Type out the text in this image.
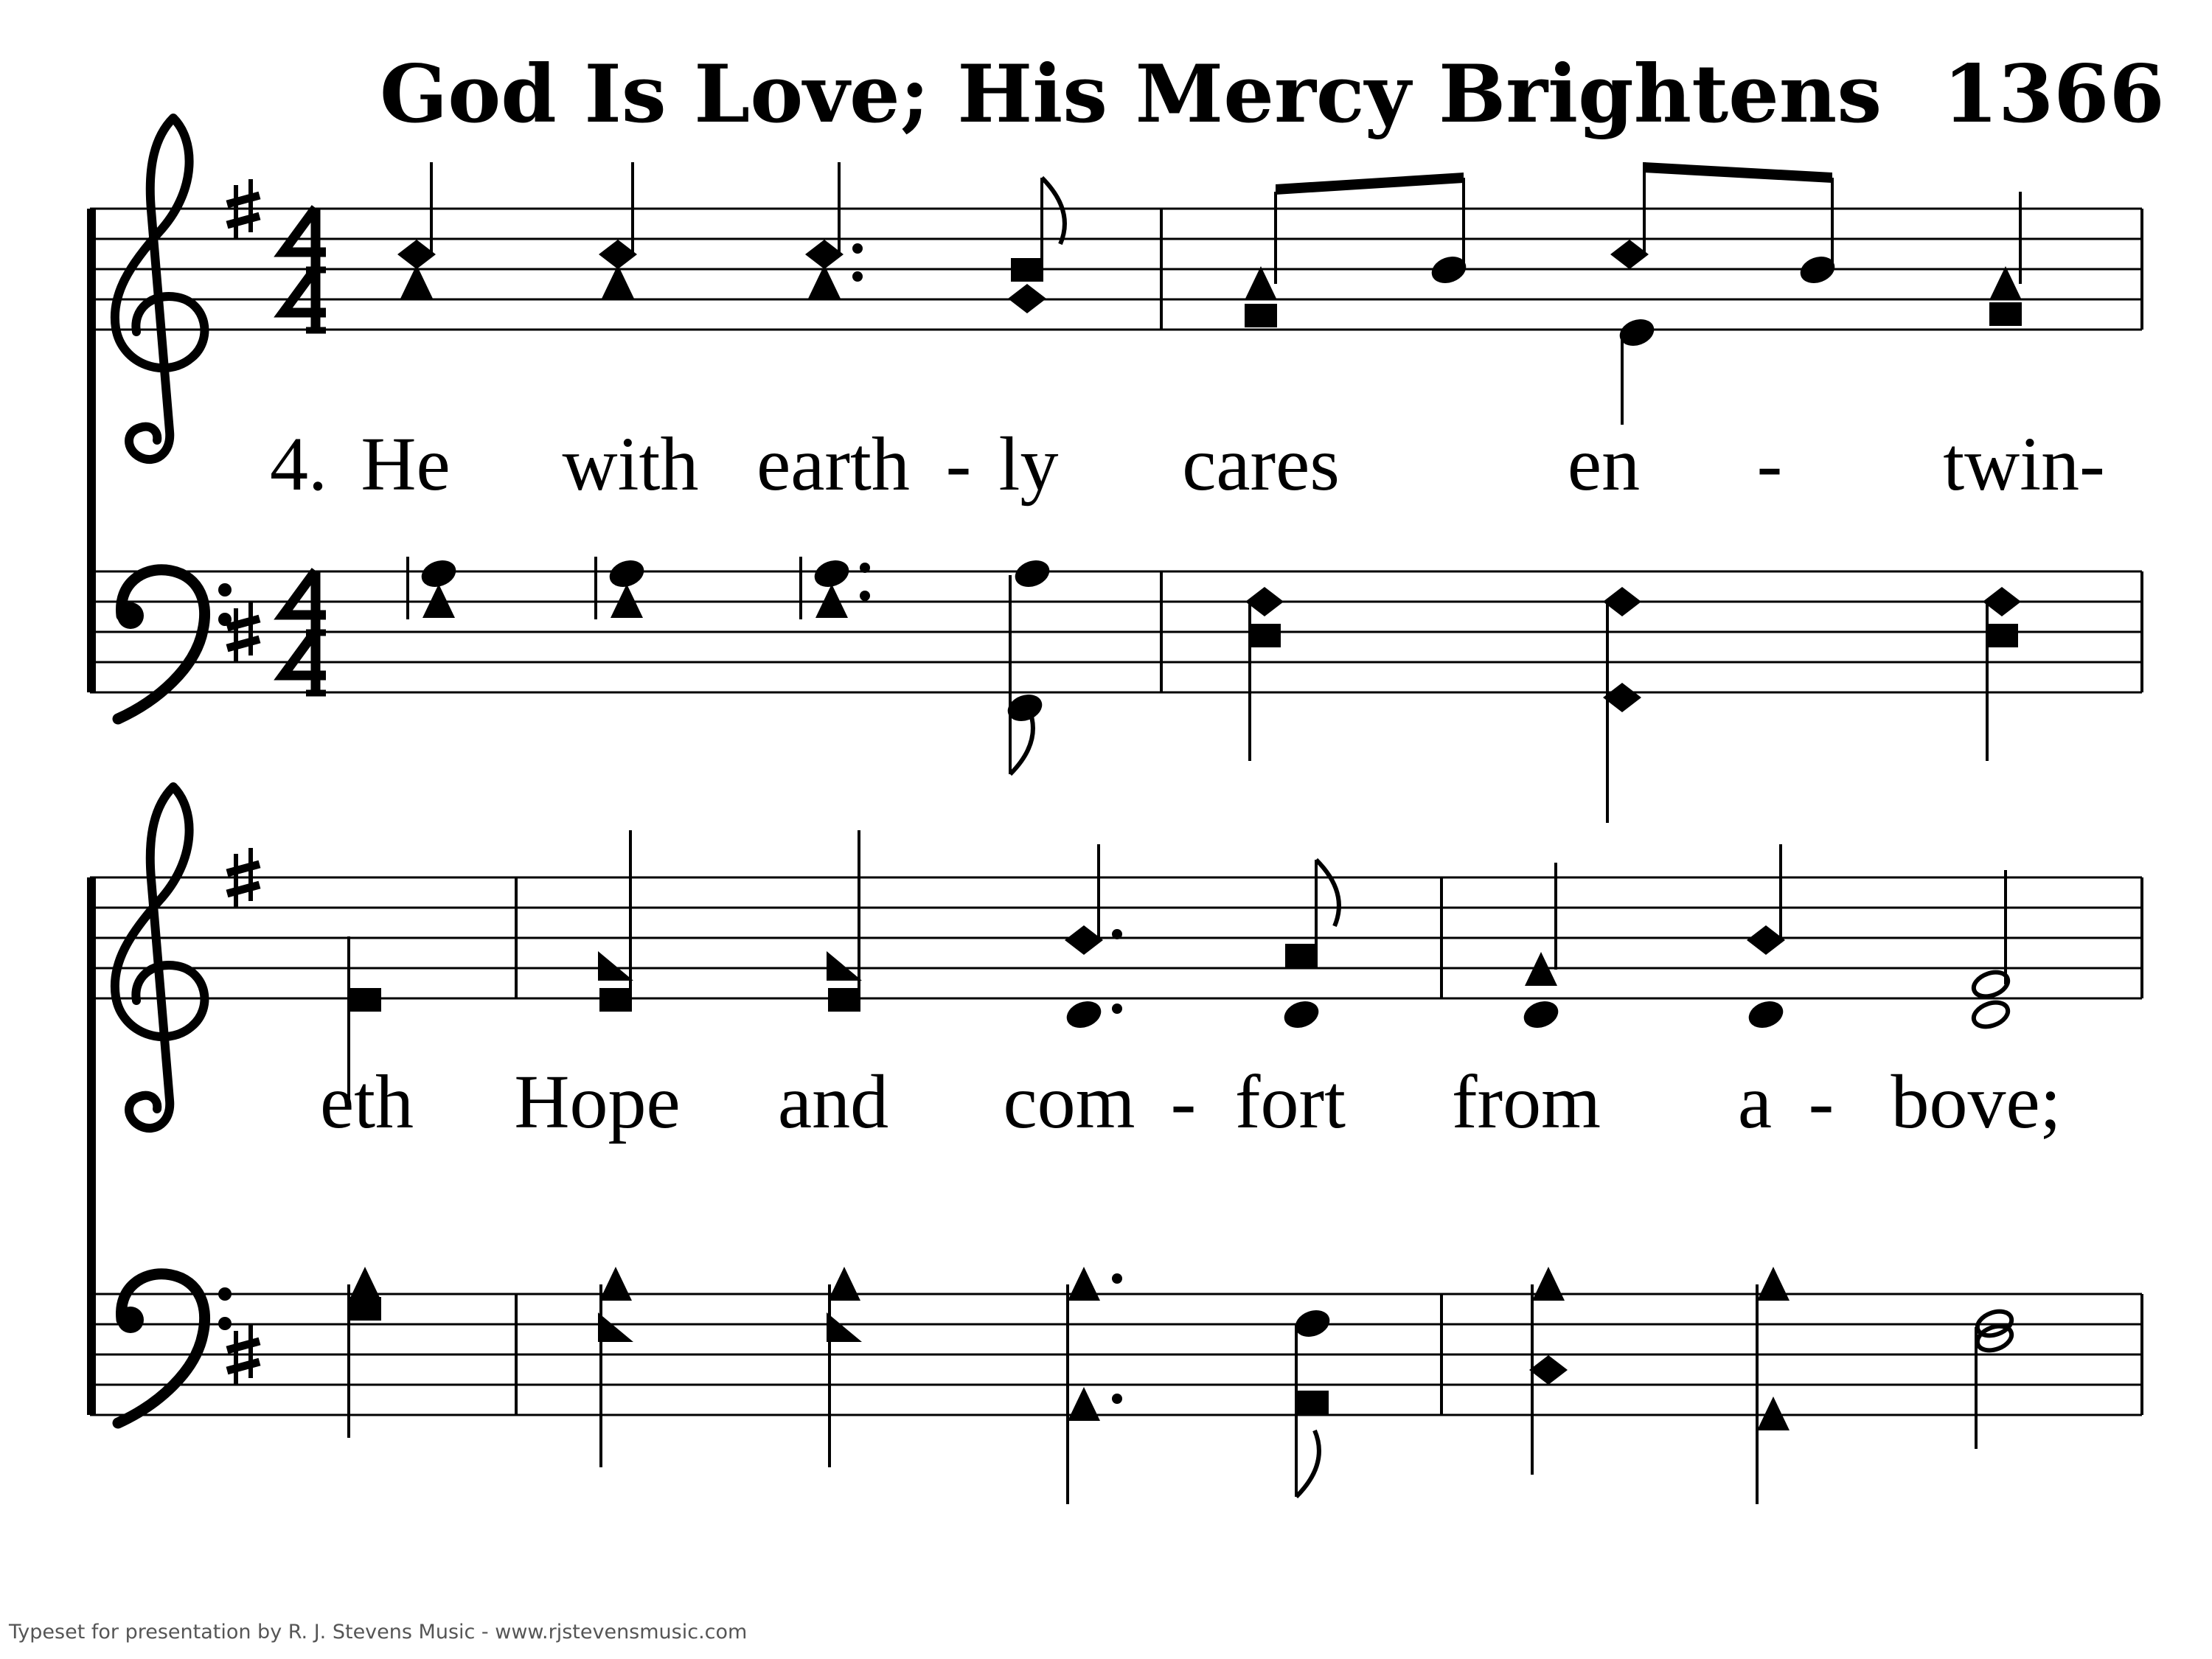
God Is Love; His Mercy Brightens 1366
4. He	with earth - ly	cares	en -	twin-
eth Hope and com - fort	from a - bove;
Typeset for presentation by R. J. Stevens Music - www.rjstevensmusic.com
